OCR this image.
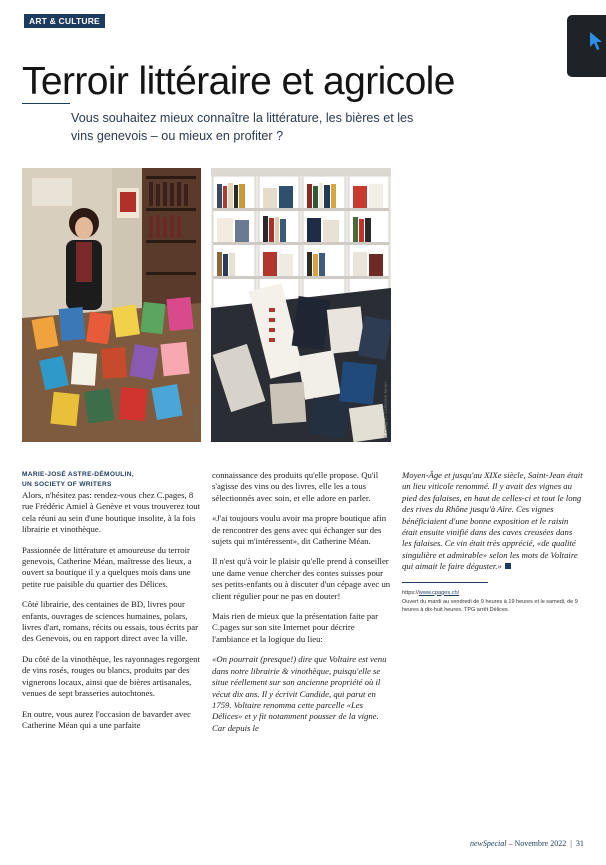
ART & CULTURE
Terroir littéraire et agricole
Vous souhaitez mieux connaître la littérature, les bières et les vins genevois – ou mieux en profiter ?
© Katia Lusy-Mi	© Cpages / Catherine Méan
MARIE-JOSÉ ASTRE-DÉMOULIN,
UN SOCIETY OF WRITERS

Alors, n'hésitez pas: rendez-vous chez C.pages, 8 rue Frédéric Amiel à Genève et vous trouverez tout cela réuni au sein d'une boutique insolite, à la fois librairie et vinothèque.

Passionnée de littérature et amoureuse du terroir genevois, Catherine Méan, maîtresse des lieux, a ouvert sa boutique il y a quelques mois dans une petite rue paisible du quartier des Délices.

Côté librairie, des centaines de BD, livres pour enfants, ouvrages de sciences humaines, polars, livres d'art, romans, récits ou essais, tous écrits par des Genevois, ou en rapport direct avec la ville.

Du côté de la vinothèque, les rayonnages regorgent de vins rosés, rouges ou blancs, produits par des vignerons locaux, ainsi que de bières artisanales, venues de sept brasseries autochtones.

En outre, vous aurez l'occasion de bavarder avec Catherine Méan qui a une parfaite

connaissance des produits qu'elle propose. Qu'il s'agisse des vins ou des livres, elle les a tous sélectionnés avec soin, et elle adore en parler.

«J'ai toujours voulu avoir ma propre boutique afin de rencontrer des gens avec qui échanger sur des sujets qui m'intéressent», dit Catherine Méan.

Il n'est qu'à voir le plaisir qu'elle prend à conseiller une dame venue chercher des contes suisses pour ses petits-enfants ou à discuter d'un cépage avec un client régulier pour ne pas en douter!

Mais rien de mieux que la présentation faite par C.pages sur son site Internet pour décrire l'ambiance et la logique du lieu:

«On pourrait (presque!) dire que Voltaire est venu dans notre librairie & vinothèque, puisqu'elle se situe réellement sur son ancienne propriété où il vécut dix ans. Il y écrivit Candide, qui parut en 1759. Voltaire renomma cette parcelle «Les Délices» et y fit notamment pousser de la vigne. Car depuis le

Moyen-Âge et jusqu'au XIXe siècle, Saint-Jean était un lieu viticole renommé. Il y avait des vignes au pied des falaises, en haut de celles-ci et tout le long des rives du Rhône jusqu'à Aïre. Ces vignes bénéficiaient d'une bonne exposition et le raisin était ensuite vinifié dans des caves creusées dans les falaises. Ce vin était très apprécié, «de qualité singulière et admirable» selon les mots de Voltaire qui aimait le faire déguster.»

https://www.cpages.ch/
Ouvert du mardi au vendredi de 9 heures à 19 heures et le samedi, de 9 heures à dix-huit heures. TPG arrêt Délices.
newSpecial – Novembre 2022 | 31
